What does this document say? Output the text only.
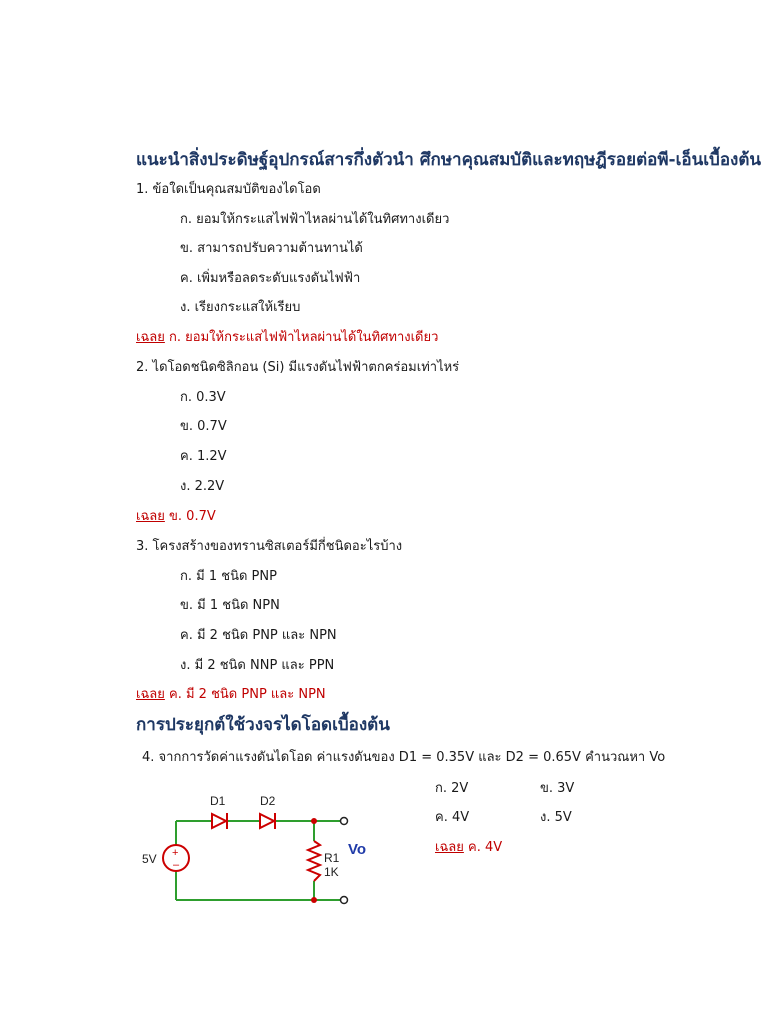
แนะนำสิ่งประดิษฐ์อุปกรณ์สารกึ่งตัวนำ ศึกษาคุณสมบัติและทฤษฎีรอยต่อพี-เอ็นเบื้องต้น
1. ข้อใดเป็นคุณสมบัติของไดโอด
ก. ยอมให้กระแสไฟฟ้าไหลผ่านได้ในทิศทางเดียว
ข. สามารถปรับความต้านทานได้
ค. เพิ่มหรือลดระดับแรงดันไฟฟ้า
ง. เรียงกระแสให้เรียบ
เฉลย ก. ยอมให้กระแสไฟฟ้าไหลผ่านได้ในทิศทางเดียว
2. ไดโอดชนิดซิลิกอน (Si) มีแรงดันไฟฟ้าตกคร่อมเท่าไหร่
ก. 0.3V
ข. 0.7V
ค. 1.2V
ง. 2.2V
เฉลย ข. 0.7V
3. โครงสร้างของทรานซิสเตอร์มีกี่ชนิดอะไรบ้าง
ก. มี 1 ชนิด PNP
ข. มี 1 ชนิด NPN
ค. มี 2 ชนิด PNP และ NPN
ง. มี 2 ชนิด NNP และ PPN
เฉลย ค. มี 2 ชนิด PNP และ NPN
การประยุกต์ใช้วงจรไดโอดเบื้องต้น
4. จากการวัดค่าแรงดันไดโอด ค่าแรงดันของ D1 = 0.35V และ D2 = 0.65V คำนวณหา Vo
ก. 2V	ข. 3V
ค. 4V	ง. 5V
เฉลย ค. 4V
D1	D2
+
–
5V	R1
1K
Vo
